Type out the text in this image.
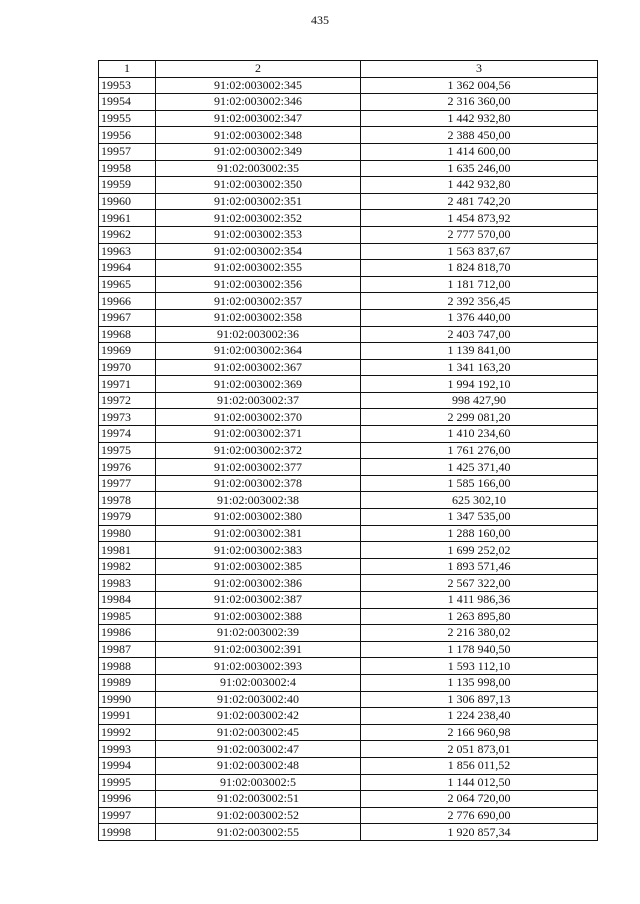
435
1	2	3
19953	91:02:003002:345	1 362 004,56
19954	91:02:003002:346	2 316 360,00
19955	91:02:003002:347	1 442 932,80
19956	91:02:003002:348	2 388 450,00
19957	91:02:003002:349	1 414 600,00
19958	91:02:003002:35	1 635 246,00
19959	91:02:003002:350	1 442 932,80
19960	91:02:003002:351	2 481 742,20
19961	91:02:003002:352	1 454 873,92
19962	91:02:003002:353	2 777 570,00
19963	91:02:003002:354	1 563 837,67
19964	91:02:003002:355	1 824 818,70
19965	91:02:003002:356	1 181 712,00
19966	91:02:003002:357	2 392 356,45
19967	91:02:003002:358	1 376 440,00
19968	91:02:003002:36	2 403 747,00
19969	91:02:003002:364	1 139 841,00
19970	91:02:003002:367	1 341 163,20
19971	91:02:003002:369	1 994 192,10
19972	91:02:003002:37	998 427,90
19973	91:02:003002:370	2 299 081,20
19974	91:02:003002:371	1 410 234,60
19975	91:02:003002:372	1 761 276,00
19976	91:02:003002:377	1 425 371,40
19977	91:02:003002:378	1 585 166,00
19978	91:02:003002:38	625 302,10
19979	91:02:003002:380	1 347 535,00
19980	91:02:003002:381	1 288 160,00
19981	91:02:003002:383	1 699 252,02
19982	91:02:003002:385	1 893 571,46
19983	91:02:003002:386	2 567 322,00
19984	91:02:003002:387	1 411 986,36
19985	91:02:003002:388	1 263 895,80
19986	91:02:003002:39	2 216 380,02
19987	91:02:003002:391	1 178 940,50
19988	91:02:003002:393	1 593 112,10
19989	91:02:003002:4	1 135 998,00
19990	91:02:003002:40	1 306 897,13
19991	91:02:003002:42	1 224 238,40
19992	91:02:003002:45	2 166 960,98
19993	91:02:003002:47	2 051 873,01
19994	91:02:003002:48	1 856 011,52
19995	91:02:003002:5	1 144 012,50
19996	91:02:003002:51	2 064 720,00
19997	91:02:003002:52	2 776 690,00
19998	91:02:003002:55	1 920 857,34
